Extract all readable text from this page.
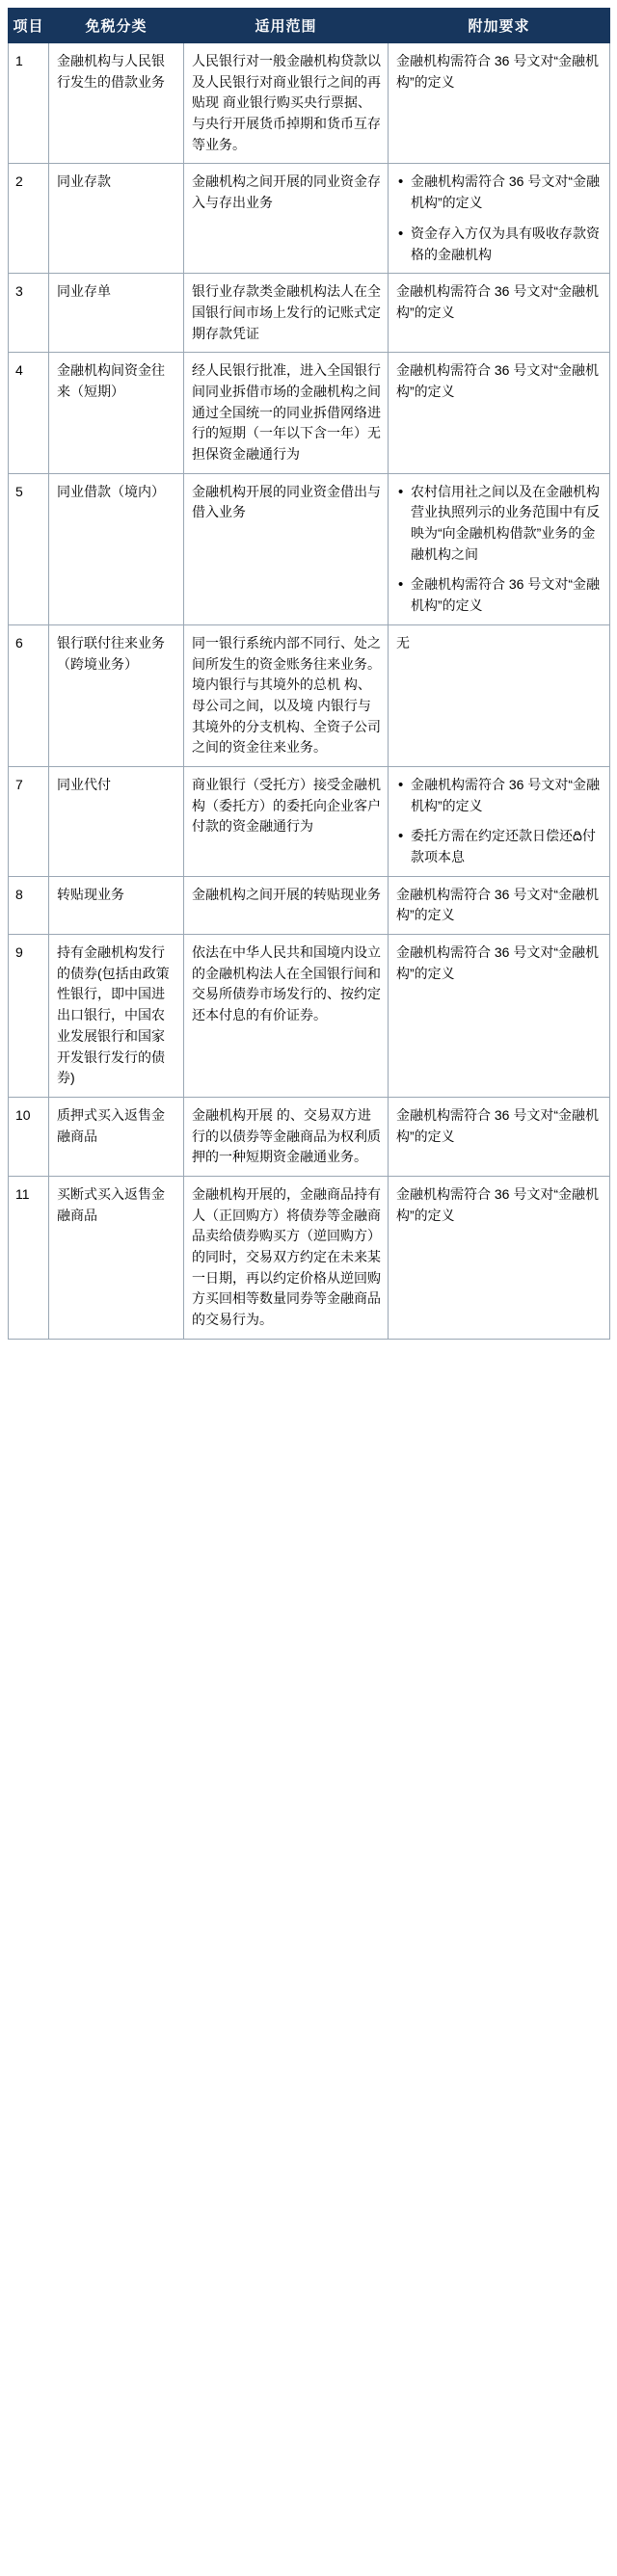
项目	免税分类	适用范围	附加要求
1	金融机构与人民银行发生的借款业务	人民银行对一般金融机构贷款以及人民银行对商业银行之间的再贴现 商业银行购买央行票据、与央行开展货币掉期和货币互存等业务。	金融机构需符合 36 号文对“金融机构”的定义

2	同业存款	金融机构之间开展的同业资金存入与存出业务	
• 金融机构需符合 36 号文对“金融机构”的定义
• 资金存入方仅为具有吸收存款资格的金融机构

3	同业存单	银行业存款类金融机构法人在全国银行间市场上发行的记账式定期存款凭证	金融机构需符合 36 号文对“金融机构”的定义

4	金融机构间资金往来（短期）	经人民银行批准，进入全国银行间同业拆借市场的金融机构之间通过全国统一的同业拆借网络进行的短期（一年以下含一年）无担保资金融通行为	金融机构需符合 36 号文对“金融机构”的定义

5	同业借款（境内）	金融机构开展的同业资金借出与借入业务	
• 农村信用社之间以及在金融机构营业执照列示的业务范围中有反映为“向金融机构借款”业务的金融机构之间
• 金融机构需符合 36 号文对“金融机构”的定义

6	银行联付往来业务（跨境业务）	同一银行系统内部不同行、处之间所发生的资金账务往来业务。境内银行与其境外的总机 构、母公司之间，以及境 内银行与其境外的分支机构、全资子公司之间的资金往来业务。	无

7	同业代付	商业银行（受托方）接受金融机构（委托方）的委托向企业客户付款的资金融通行为	
• 金融机构需符合 36 号文对“金融机构”的定义
• 委托方需在约定还款日偿还ది付款项本息

8	转贴现业务	金融机构之间开展的转贴现业务	金融机构需符合 36 号文对“金融机 构”的定义

9	持有金融机构发行的债券(包括由政策性银行，即中国进出口银行，中国农业发展银行和国家开发银行发行的债券)	依法在中华人民共和国境内设立的金融机构法人在全国银行间和交易所债券市场发行的、按约定还本付息的有价证券。	金融机构需符合 36 号文对“金融机构”的定义

10	质押式买入返售金融商品	金融机构开展 的、交易双方进行的以债券等金融商品为权利质押的一种短期资金融通业务。	金融机构需符合 36 号文对“金融机 构”的定义

11	买断式买入返售金融商品	金融机构开展的，金融商品持有人（正回购方）将债券等金融商品卖给债券购买方（逆回购方）的同时，交易双方约定在未来某一日期，再以约定价格从逆回购方买回相等数量同券等金融商品的交易行为。	金融机构需符合 36 号文对“金融机 构”的定义
